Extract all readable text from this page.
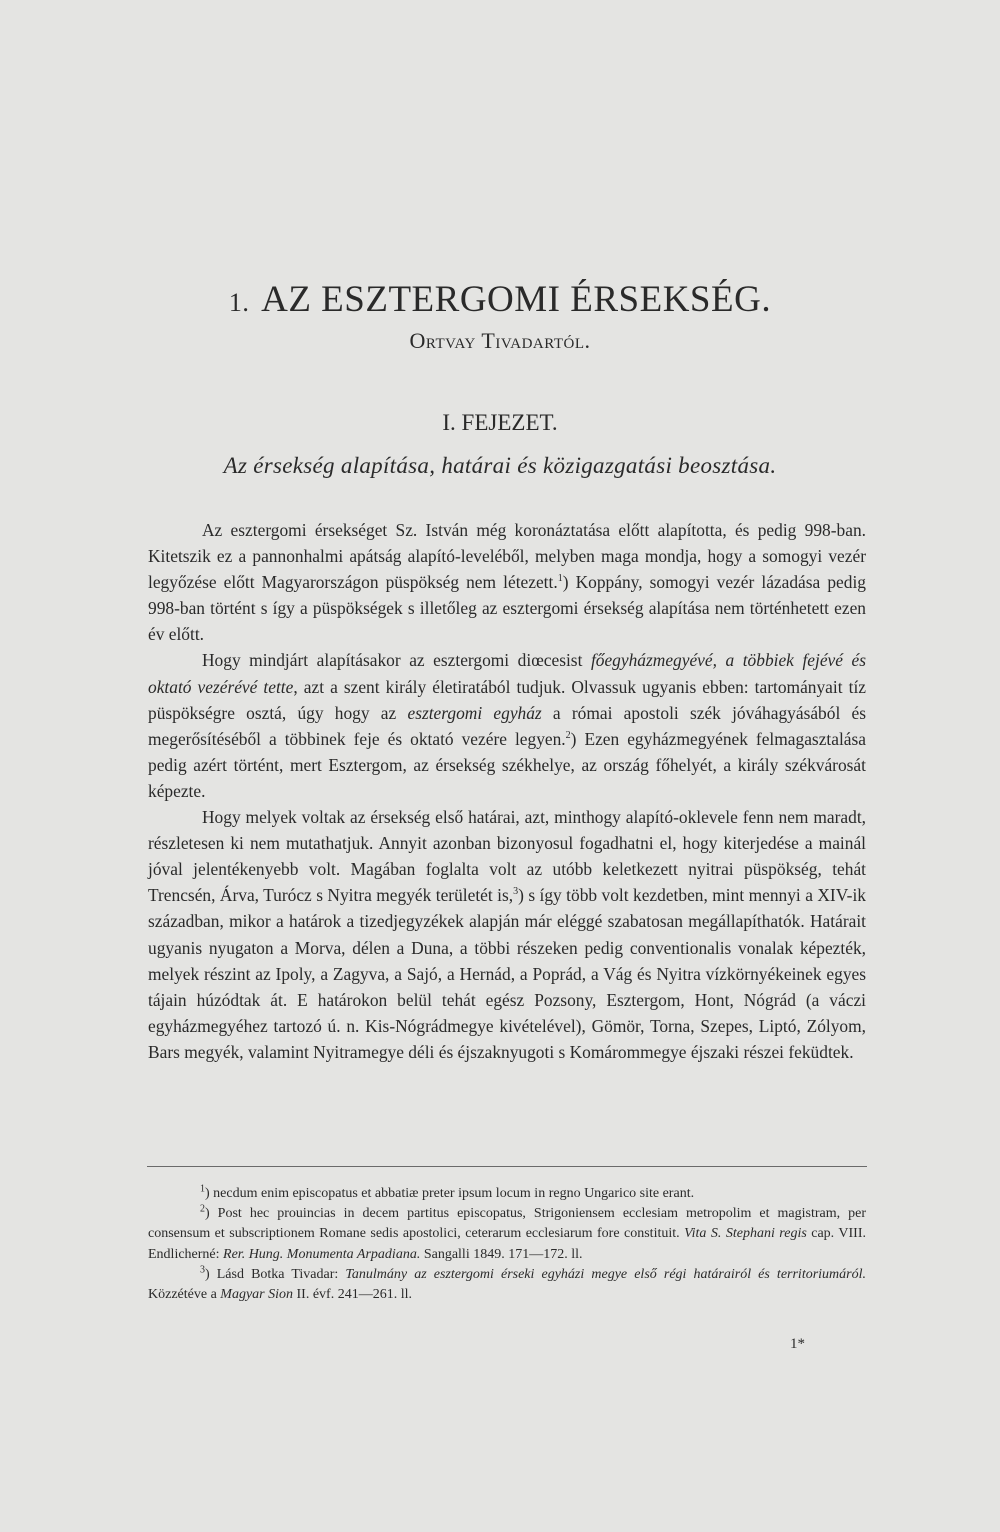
1. AZ ESZTERGOMI ÉRSEKSÉG.
Ortvay Tivadartól.
I. FEJEZET.
Az érsekség alapítása, határai és közigazgatási beosztása.

Az esztergomi érsekséget Sz. István még koronáztatása előtt alapította, és pedig 998-ban. Kitetszik ez a pannonhalmi apátság alapító-leveléből, melyben maga mondja, hogy a somogyi vezér legyőzése előtt Magyarországon püspökség nem létezett.$^1$) Koppány, somogyi vezér lázadása pedig 998-ban történt s így a püspökségek s illetőleg az esztergomi érsekség alapítása nem történhetett ezen év előtt.

Hogy mindjárt alapításakor az esztergomi diœcesist főegyházmegyévé, a többiek fejévé és oktató vezérévé tette, azt a szent király életiratából tudjuk. Olvassuk ugyanis ebben: tartományait tíz püspökségre osztá, úgy hogy az esztergomi egyház a római apostoli szék jóváhagyásából és megerősítéséből a többinek feje és oktató vezére legyen.$^2$) Ezen egyházmegyének felmagasztalása pedig azért történt, mert Esztergom, az érsekség székhelye, az ország főhelyét, a király székvárosát képezte.

Hogy melyek voltak az érsekség első határai, azt, minthogy alapító-oklevele fenn nem maradt, részletesen ki nem mutathatjuk. Annyit azonban bizonyosul fogadhatni el, hogy kiterjedése a mainál jóval jelentékenyebb volt. Magában foglalta volt az utóbb keletkezett nyitrai püspökség, tehát Trencsén, Árva, Turócz s Nyitra megyék területét is,$^3$) s így több volt kezdetben, mint mennyi a XIV-ik században, mikor a határok a tizedjegyzékek alapján már eléggé szabatosan megállapíthatók. Határait ugyanis nyugaton a Morva, délen a Duna, a többi részeken pedig conventionalis vonalak képezték, melyek részint az Ipoly, a Zagyva, a Sajó, a Hernád, a Poprád, a Vág és Nyitra vízkörnyékeinek egyes tájain húzódtak át. E határokon belül tehát egész Pozsony, Esztergom, Hont, Nógrád (a váczi egyházmegyéhez tartozó ú. n. Kis-Nógrádmegye kivételével), Gömör, Torna, Szepes, Liptó, Zólyom, Bars megyék, valamint Nyitramegye déli és éjszaknyugoti s Komárommegye éjszaki részei feküdtek.

$^1$) necdum enim episcopatus et abbatiæ preter ipsum locum in regno Ungarico site erant.

$^2$) Post hec prouincias in decem partitus episcopatus, Strigoniensem ecclesiam metropolim et magistram, per consensum et subscriptionem Romane sedis apostolici, ceterarum ecclesiarum fore constituit. Vita S. Stephani regis cap. VIII. Endlicherné: Rer. Hung. Monumenta Arpadiana. Sangalli 1849. 171—172. ll.

$^3$) Lásd Botka Tivadar: Tanulmány az esztergomi érseki egyházi megye első régi határairól és territoriumáról. Közzétéve a Magyar Sion II. évf. 241—261. ll.

1*
